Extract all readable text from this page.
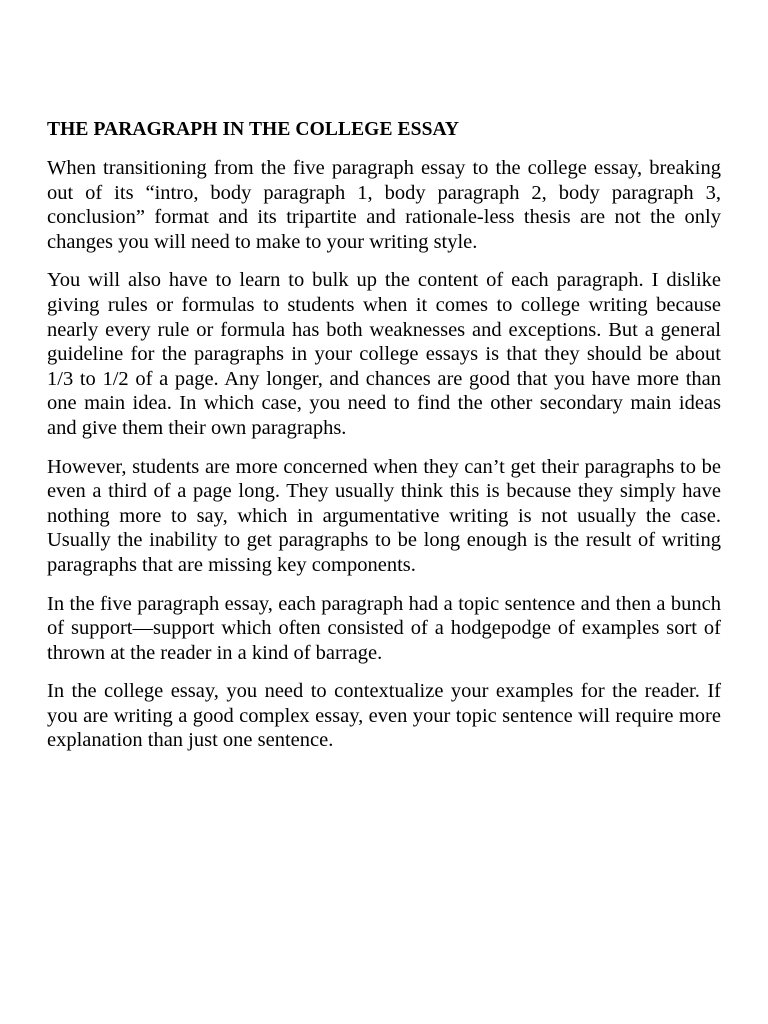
THE PARAGRAPH IN THE COLLEGE ESSAY

When transitioning from the five paragraph essay to the college essay, breaking out of its “intro, body paragraph 1, body paragraph 2, body paragraph 3, conclusion” format and its tripartite and rationale-less thesis are not the only changes you will need to make to your writing style.

You will also have to learn to bulk up the content of each paragraph. I dislike giving rules or formulas to students when it comes to college writing because nearly every rule or formula has both weaknesses and exceptions. But a general guideline for the paragraphs in your college essays is that they should be about 1/3 to 1/2 of a page. Any longer, and chances are good that you have more than one main idea. In which case, you need to find the other secondary main ideas and give them their own paragraphs.

However, students are more concerned when they can’t get their paragraphs to be even a third of a page long. They usually think this is because they simply have nothing more to say, which in argumentative writing is not usually the case. Usually the inability to get paragraphs to be long enough is the result of writing paragraphs that are missing key components.

In the five paragraph essay, each paragraph had a topic sentence and then a bunch of support—support which often consisted of a hodgepodge of examples sort of thrown at the reader in a kind of barrage.

In the college essay, you need to contextualize your examples for the reader. If you are writing a good complex essay, even your topic sentence will require more explanation than just one sentence.
